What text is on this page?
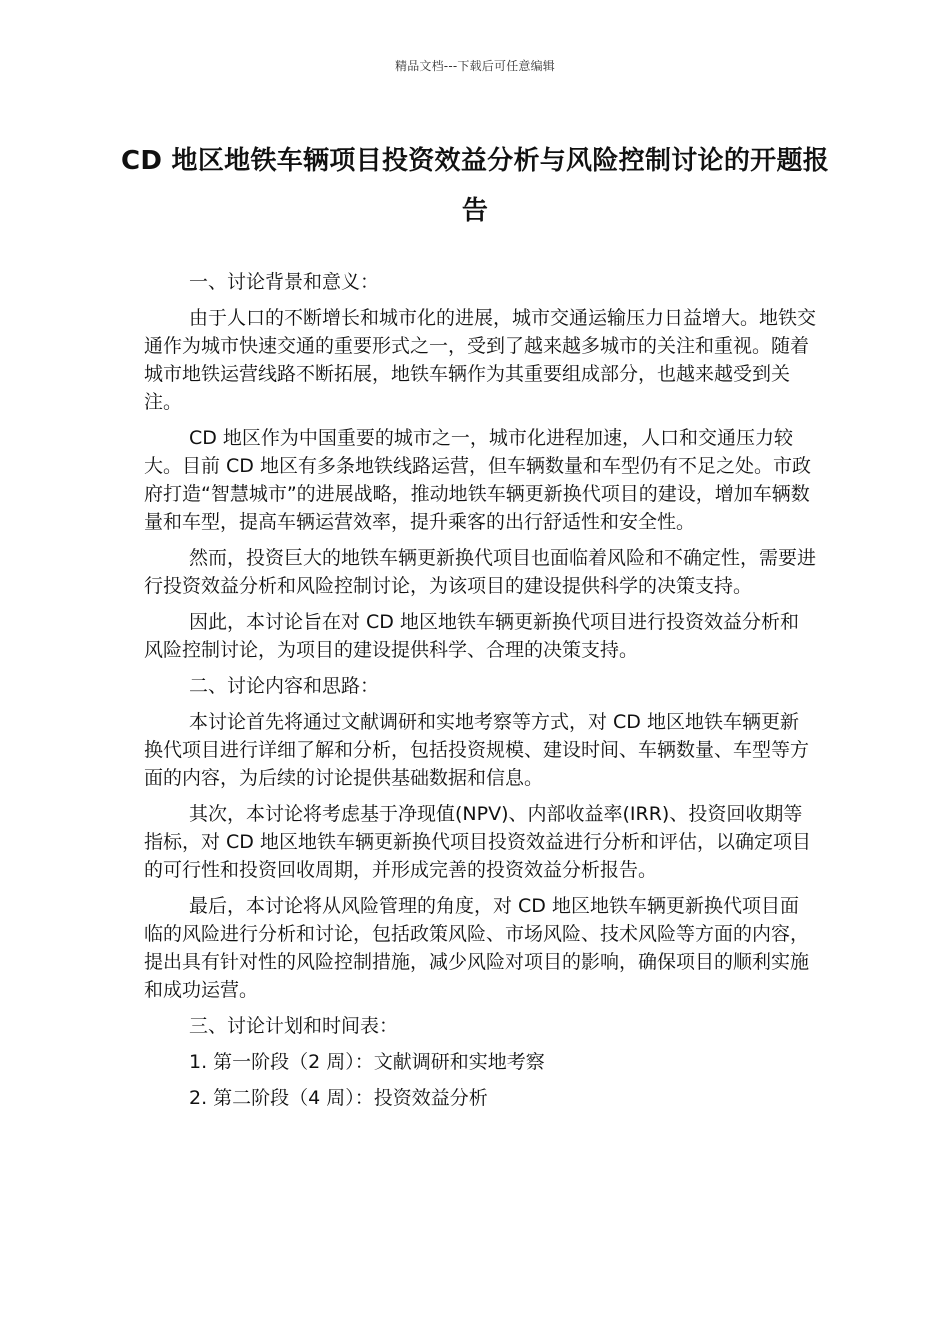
精品文档---下载后可任意编辑
CD 地区地铁车辆项目投资效益分析与风险控制讨论的开题报告

一、讨论背景和意义：

由于人口的不断增长和城市化的进展，城市交通运输压力日益增大。地铁交通作为城市快速交通的重要形式之一，受到了越来越多城市的关注和重视。随着城市地铁运营线路不断拓展，地铁车辆作为其重要组成部分，也越来越受到关注。

CD 地区作为中国重要的城市之一，城市化进程加速，人口和交通压力较大。目前 CD 地区有多条地铁线路运营，但车辆数量和车型仍有不足之处。市政府打造“智慧城市”的进展战略，推动地铁车辆更新换代项目的建设，增加车辆数量和车型，提高车辆运营效率，提升乘客的出行舒适性和安全性。

然而，投资巨大的地铁车辆更新换代项目也面临着风险和不确定性，需要进行投资效益分析和风险控制讨论，为该项目的建设提供科学的决策支持。

因此，本讨论旨在对 CD 地区地铁车辆更新换代项目进行投资效益分析和风险控制讨论，为项目的建设提供科学、合理的决策支持。

二、讨论内容和思路：

本讨论首先将通过文献调研和实地考察等方式，对 CD 地区地铁车辆更新换代项目进行详细了解和分析，包括投资规模、建设时间、车辆数量、车型等方面的内容，为后续的讨论提供基础数据和信息。

其次，本讨论将考虑基于净现值(NPV)、内部收益率(IRR)、投资回收期等指标，对 CD 地区地铁车辆更新换代项目投资效益进行分析和评估，以确定项目的可行性和投资回收周期，并形成完善的投资效益分析报告。

最后，本讨论将从风险管理的角度，对 CD 地区地铁车辆更新换代项目面临的风险进行分析和讨论，包括政策风险、市场风险、技术风险等方面的内容，提出具有针对性的风险控制措施，减少风险对项目的影响，确保项目的顺利实施和成功运营。

三、讨论计划和时间表：

1. 第一阶段（2 周）：文献调研和实地考察

2. 第二阶段（4 周）：投资效益分析
